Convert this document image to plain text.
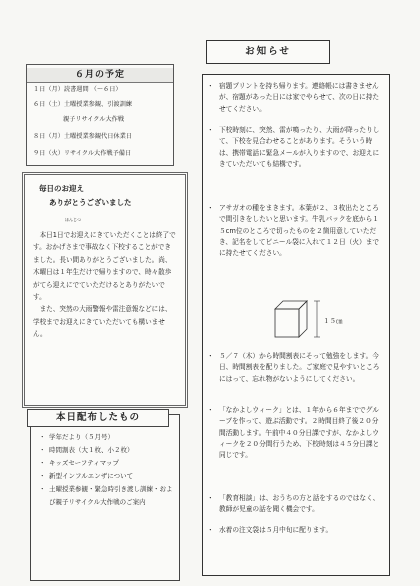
６月の予定
１日（月）読書週間 （～６日）
６日（土）土曜授業参観、引渡訓練
親子リサイクル大作戦
８日（月）土曜授業参観代日休業日
９日（火）リサイクル大作戦予備日
毎日のお迎え
ありがとうございました
ほんじつ

本日1日でお迎えにきていただくことは終了です。おかげさまで事故なく下校することができました。長い間ありがとうございました。尚、木曜日は１年生だけで帰りますので、時々散歩がてら迎えにでていただけるとありがたいです。

また、突然の大雨警報や雷注意報などには、学校までお迎えにきていただいても構いません。

本日配布したもの
・ 学年だより（５月号）
・ 時間割表（大１枚、小２枚）
・ キッズセーフティマップ
・ 新型インフルエンザについて
・ 土曜授業参観・緊急時引き渡し訓練・および親子リサイクル大作戦のご案内
お知らせ
・ 宿題プリントを持ち帰ります。連絡帳には書きませんが、宿題があった日には家でやらせて、次の日に持たせてください。
・ 下校時刻に、突然、雷が鳴ったり、大雨が降ったりして、下校を見合わせることがあります。そういう時は、携帯電話に緊急メールが入りますので、お迎えにきていただいても結構です。
・ アサガオの種をまきます。本葉が２、３枚出たところで間引きをしたいと思います。牛乳パックを底から１５cm位のところで切ったものを２箇用意していただき、記名をしてビニール袋に入れて１２日（火）までに持たせてください。
１５㎝
・ ５／７（木）から時間割表にそって勉強をします。今日、時間割表を配りました。ご家庭で見やすいところにはって、忘れ物がないようにしてください。
・ 「なかよしウィーク」とは、１年から６年まででグループを作って、遊ぶ活動です。２時間目終了後２０分間活動します。午前中４０分日課ですが、なかよしウィークを２０分間行うため、下校時刻は４５分日課と同じです。
・ 「教育相談」は、おうちの方と話をするのではなく、教師が児童の話を聞く機会です。
・ 水着の注文袋は５月中旬に配ります。
